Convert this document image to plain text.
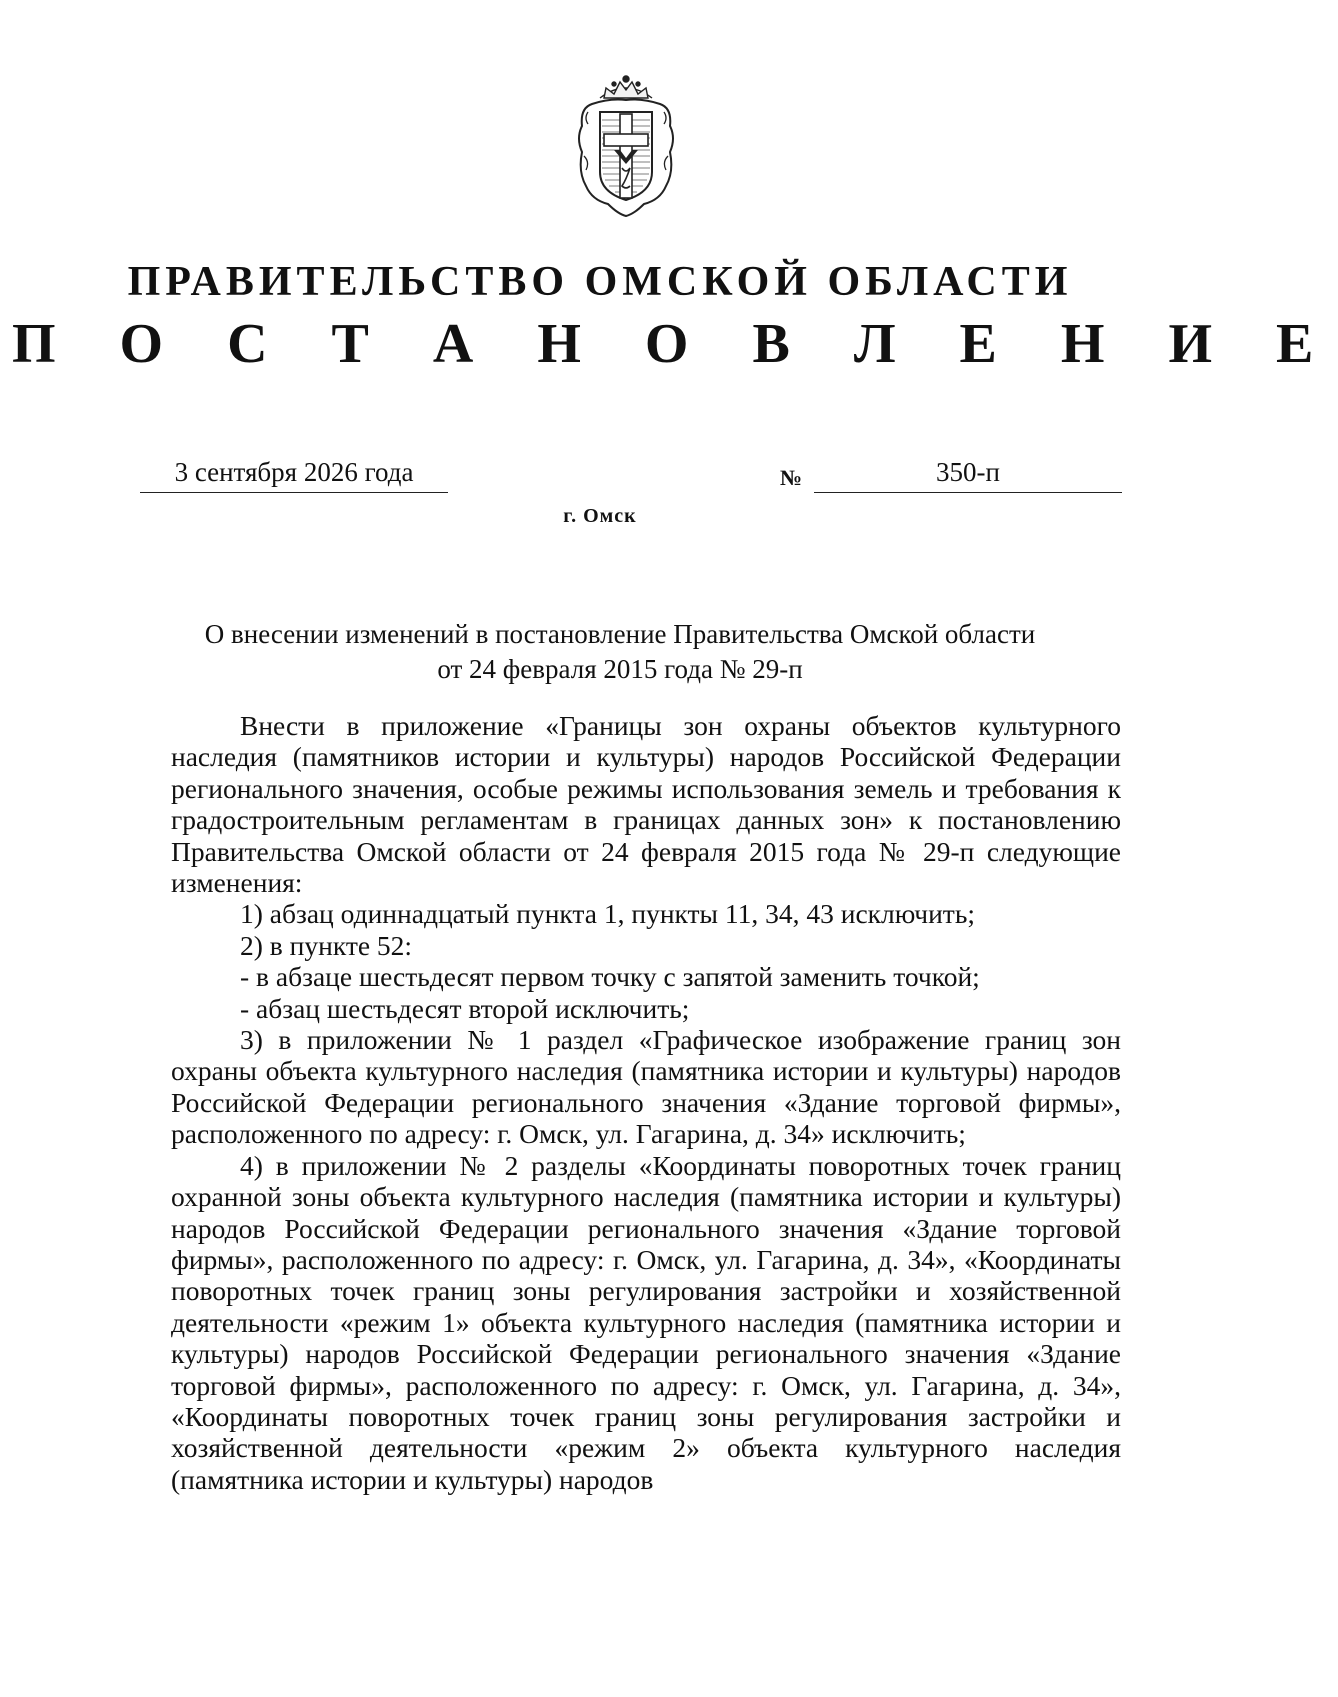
ПРАВИТЕЛЬСТВО ОМСКОЙ ОБЛАСТИ
П О С Т А Н О В Л Е Н И Е
3 сентября 2026 года	№	350-п
г. Омск
О внесении изменений в постановление Правительства Омской области
от 24 февраля 2015 года № 29-п

Внести в приложение «Границы зон охраны объектов культурного наследия (памятников истории и культуры) народов Российской Федерации регионального значения, особые режимы использования земель и требования к градостроительным регламентам в границах данных зон» к постановлению Правительства Омской области от 24 февраля 2015 года № 29-п следующие изменения:

1) абзац одиннадцатый пункта 1, пункты 11, 34, 43 исключить;

2) в пункте 52:

- в абзаце шестьдесят первом точку с запятой заменить точкой;

- абзац шестьдесят второй исключить;

3) в приложении № 1 раздел «Графическое изображение границ зон охраны объекта культурного наследия (памятника истории и культуры) народов Российской Федерации регионального значения «Здание торговой фирмы», расположенного по адресу: г. Омск, ул. Гагарина, д. 34» исключить;

4) в приложении № 2 разделы «Координаты поворотных точек границ охранной зоны объекта культурного наследия (памятника истории и культуры) народов Российской Федерации регионального значения «Здание торговой фирмы», расположенного по адресу: г. Омск, ул. Гагарина, д. 34», «Координаты поворотных точек границ зоны регулирования застройки и хозяйственной деятельности «режим 1» объекта культурного наследия (памятника истории и культуры) народов Российской Федерации регионального значения «Здание торговой фирмы», расположенного по адресу: г. Омск, ул. Гагарина, д. 34», «Координаты поворотных точек границ зоны регулирования застройки и хозяйственной деятельности «режим 2» объекта культурного наследия (памятника истории и культуры) народов
